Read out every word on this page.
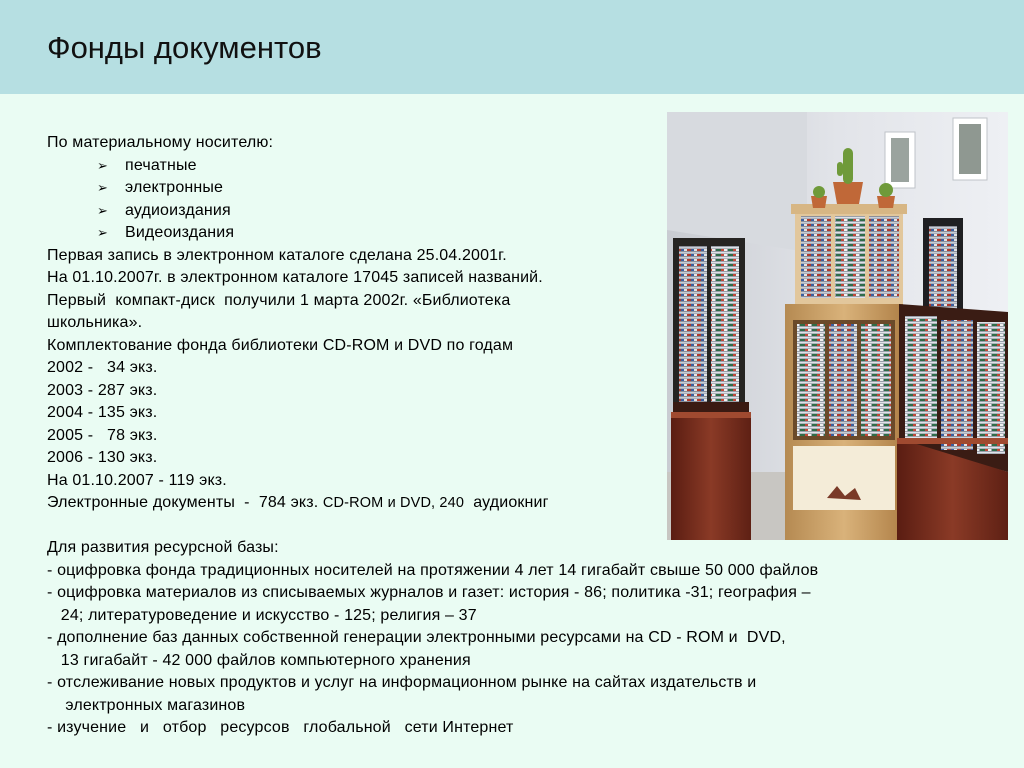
Фонды документов
По материальному носителю:
➢ печатные
➢ электронные
➢ аудиоиздания
➢ Видеоиздания
Первая запись в электронном каталоге сделана 25.04.2001г.
На 01.10.2007г. в электронном каталоге 17045 записей названий.
Первый  компакт-диск  получили 1 марта 2002г. «Библиотека
школьника».
Комплектование фонда библиотеки CD-ROM и DVD по годам
2002 -   34 экз.
2003 - 287 экз.
2004 - 135 экз.
2005 -   78 экз.
2006 - 130 экз.
На 01.10.2007 - 119 экз.
Электронные документы  -  784 экз. CD-ROM и DVD, 240  аудиокниг
Для развития ресурсной базы:
- оцифровка фонда традиционных носителей на протяжении 4 лет 14 гигабайт свыше 50 000 файлов
- оцифровка материалов из списываемых журналов и газет: история - 86; политика -31; география –
24; литературоведение и искусство - 125; религия – 37
- дополнение баз данных собственной генерации электронными ресурсами на CD - ROM и  DVD,
13 гигабайт - 42 000 файлов компьютерного хранения
- отслеживание новых продуктов и услуг на информационном рынке на сайтах издательств и
электронных магазинов
- изучение   и   отбор   ресурсов   глобальной   сети Интернет
